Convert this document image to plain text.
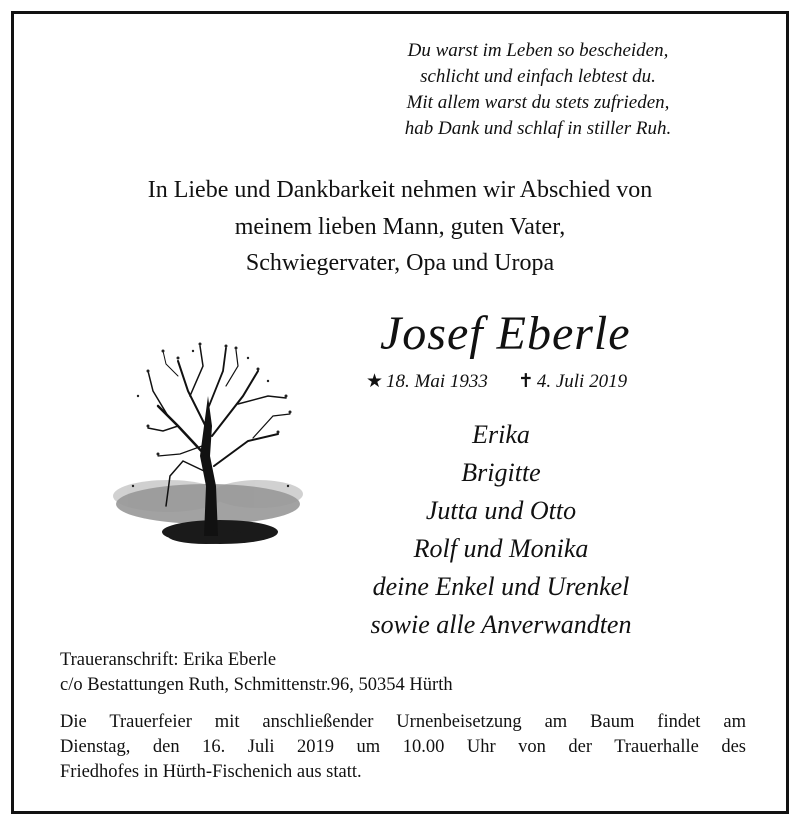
Du warst im Leben so bescheiden,
schlicht und einfach lebtest du.
Mit allem warst du stets zufrieden,
hab Dank und schlaf in stiller Ruh.
In Liebe und Dankbarkeit nehmen wir Abschied von
meinem lieben Mann, guten Vater,
Schwiegervater, Opa und Uropa
Josef Eberle
★ 18. Mai 1933 ✝ 4. Juli 2019
Erika
Brigitte
Jutta und Otto
Rolf und Monika
deine Enkel und Urenkel
sowie alle Anverwandten
Traueranschrift: Erika Eberle
c/o Bestattungen Ruth, Schmittenstr.96, 50354 Hürth
Die Trauerfeier mit anschließender Urnenbeisetzung am Baum findet am
Dienstag, den 16. Juli 2019 um 10.00 Uhr von der Trauerhalle des
Friedhofes in Hürth-Fischenich aus statt.
